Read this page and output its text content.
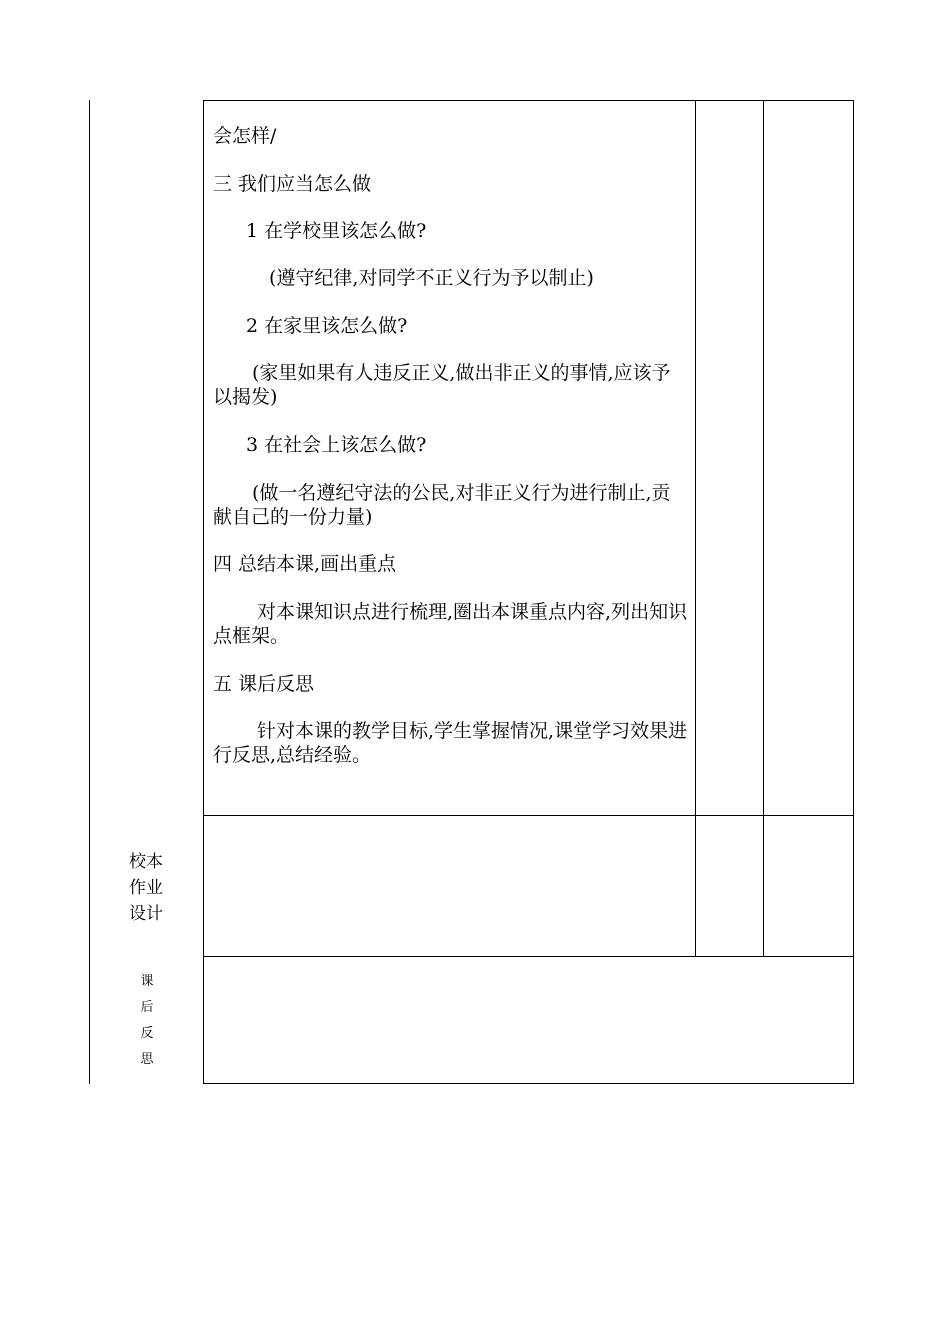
会怎样/
三 我们应当怎么做
1 在学校里该怎么做?
(遵守纪律,对同学不正义行为予以制止)
2 在家里该怎么做?
(家里如果有人违反正义,做出非正义的事情,应该予以揭发)
3 在社会上该怎么做?
(做一名遵纪守法的公民,对非正义行为进行制止,贡献自己的一份力量)
四 总结本课,画出重点
对本课知识点进行梳理,圈出本课重点内容,列出知识点框架。
五 课后反思
针对本课的教学目标,学生掌握情况,课堂学习效果进行反思,总结经验。
校本
作业
设计
课
后
反
思
